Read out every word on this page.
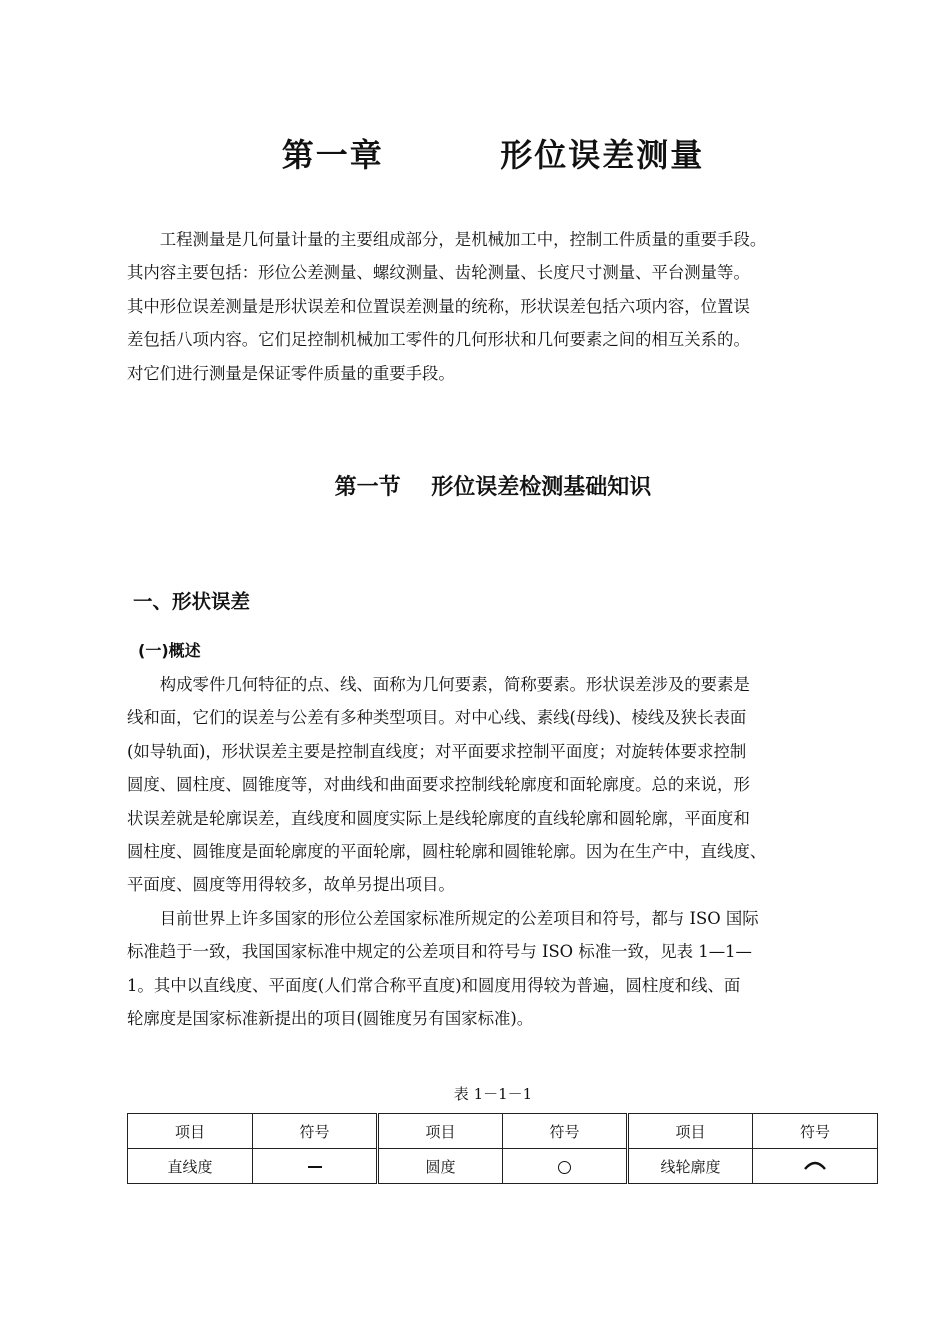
第一章    形位误差测量

　　工程测量是几何量计量的主要组成部分，是机械加工中，控制工件质量的重要手段。

其内容主要包括：形位公差测量、螺纹测量、齿轮测量、长度尺寸测量、平台测量等。

其中形位误差测量是形状误差和位置误差测量的统称，形状误差包括六项内容，位置误

差包括八项内容。它们足控制机械加工零件的几何形状和几何要素之间的相互关系的。

对它们进行测量是保证零件质量的重要手段。

第一节    形位误差检测基础知识
一、形状误差
(一)概述

　　构成零件几何特征的点、线、面称为几何要素，简称要素。形状误差涉及的要素是

线和面，它们的误差与公差有多种类型项目。对中心线、素线(母线)、棱线及狭长表面

(如导轨面)，形状误差主要是控制直线度；对平面要求控制平面度；对旋转体要求控制

圆度、圆柱度、圆锥度等，对曲线和曲面要求控制线轮廓度和面轮廓度。总的来说，形

状误差就是轮廓误差，直线度和圆度实际上是线轮廓度的直线轮廓和圆轮廓，平面度和

圆柱度、圆锥度是面轮廓度的平面轮廓，圆柱轮廓和圆锥轮廓。因为在生产中，直线度、

平面度、圆度等用得较多，故单另提出项目。

　　目前世界上许多国家的形位公差国家标准所规定的公差项目和符号，都与 ISO 国际

标准趋于一致，我国国家标准中规定的公差项目和符号与 ISO 标准一致，见表 1—1—

1。其中以直线度、平面度(人们常合称平直度)和圆度用得较为普遍，圆柱度和线、面

轮廓度是国家标准新提出的项目(圆锥度另有国家标准)。

表 1－1－1

项目	符号	项目	符号	项目	符号
直线度		圆度		线轮廓度	
